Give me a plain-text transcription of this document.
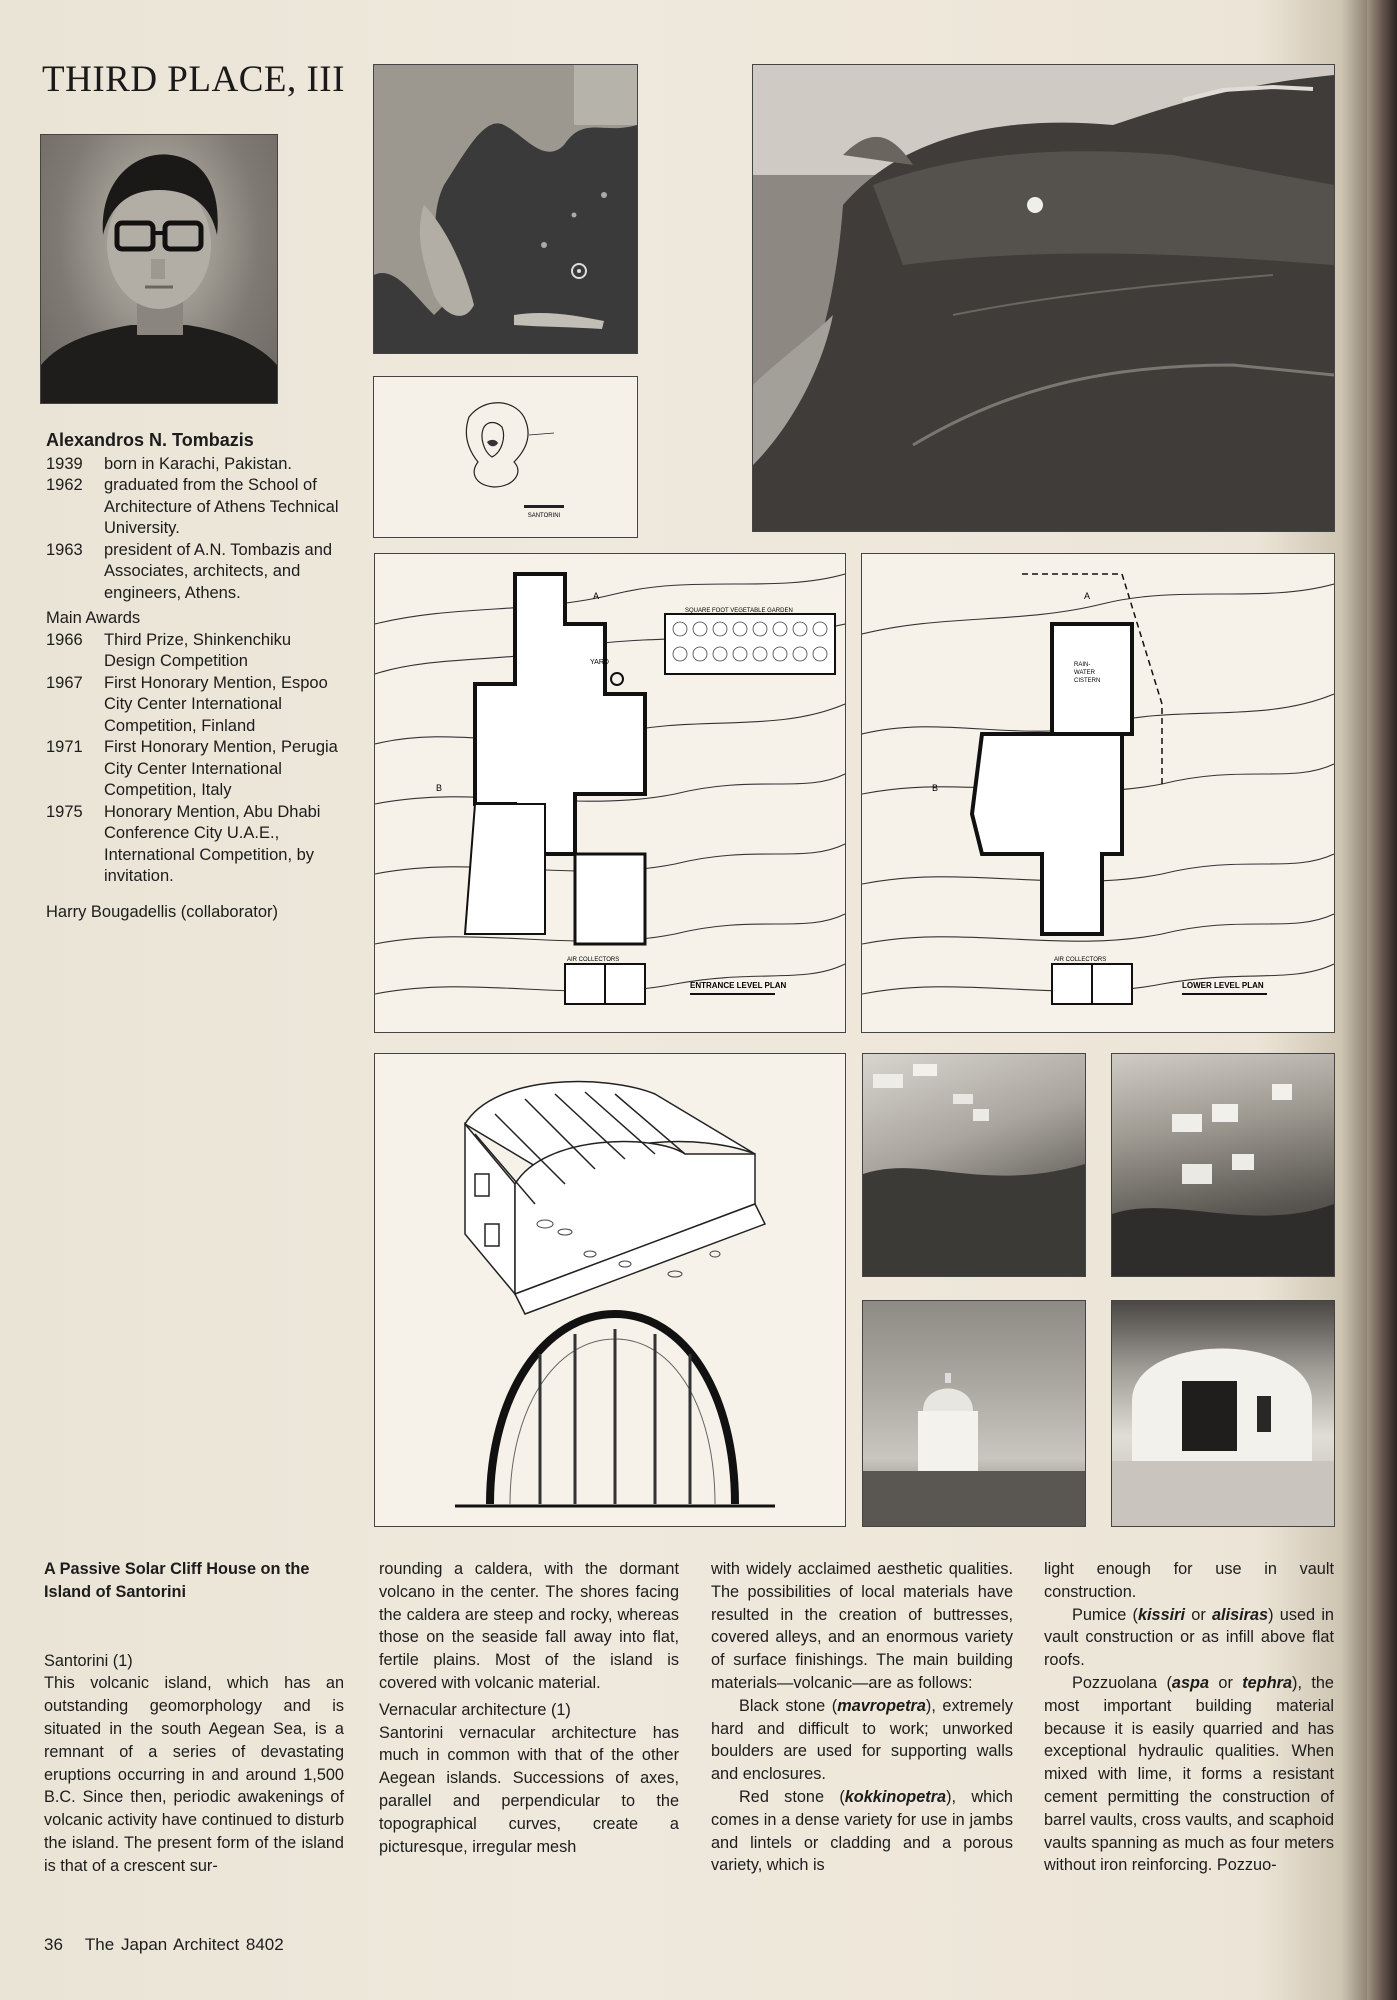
THIRD PLACE, III
Alexandros N. Tombazis
1939	born in Karachi, Pakistan.
1962	graduated from the School of Architecture of Athens Technical University.
1963	president of A.N. Tombazis and Associates, architects, and engineers, Athens.
Main Awards
1966	Third Prize, Shinkenchiku Design Competition
1967	First Honorary Mention, Espoo City Center International Competition, Finland
1971	First Honorary Mention, Perugia City Center International Competition, Italy
1975	Honorary Mention, Abu Dhabi Conference City U.A.E., International Competition, by invitation.
Harry Bougadellis (collaborator)
SANTORINI
SQUARE FOOT VEGETABLE GARDEN
YARD
A
B
AIR COLLECTORS
ENTRANCE LEVEL PLAN
RAIN-
WATER
CISTERN
A
B
AIR COLLECTORS
LOWER LEVEL PLAN

A Passive Solar Cliff House on the Island of Santorini

Santorini (1)

This volcanic island, which has an outstanding geomorphology and is situated in the south Aegean Sea, is a remnant of a series of devastating eruptions occurring in and around 1,500 B.C. Since then, periodic awakenings of volcanic activity have continued to disturb the island. The present form of the island is that of a crescent sur-

rounding a caldera, with the dormant volcano in the center. The shores facing the caldera are steep and rocky, whereas those on the seaside fall away into flat, fertile plains. Most of the island is covered with volcanic material.

Vernacular architecture (1)

Santorini vernacular architecture has much in common with that of the other Aegean islands. Successions of axes, parallel and perpendicular to the topographical curves, create a picturesque, irregular mesh

with widely acclaimed aesthetic qualities. The possibilities of local materials have resulted in the creation of buttresses, covered alleys, and an enormous variety of surface finishings. The main building materials—volcanic—are as follows:

Black stone (mavropetra), extremely hard and difficult to work; unworked boulders are used for supporting walls and enclosures.

Red stone (kokkinopetra), which comes in a dense variety for use in jambs and lintels or cladding and a porous variety, which is

light enough for use in vault construction.

Pumice (kissiri or alisiras) used in vault construction or as infill above flat roofs.

Pozzuolana (aspa or tephra), the most important building material because it is easily quarried and has exceptional hydraulic qualities. When mixed with lime, it forms a resistant cement permitting the construction of barrel vaults, cross vaults, and scaphoid vaults spanning as much as four meters without iron reinforcing. Pozzuo-

36 The Japan Architect 8402
